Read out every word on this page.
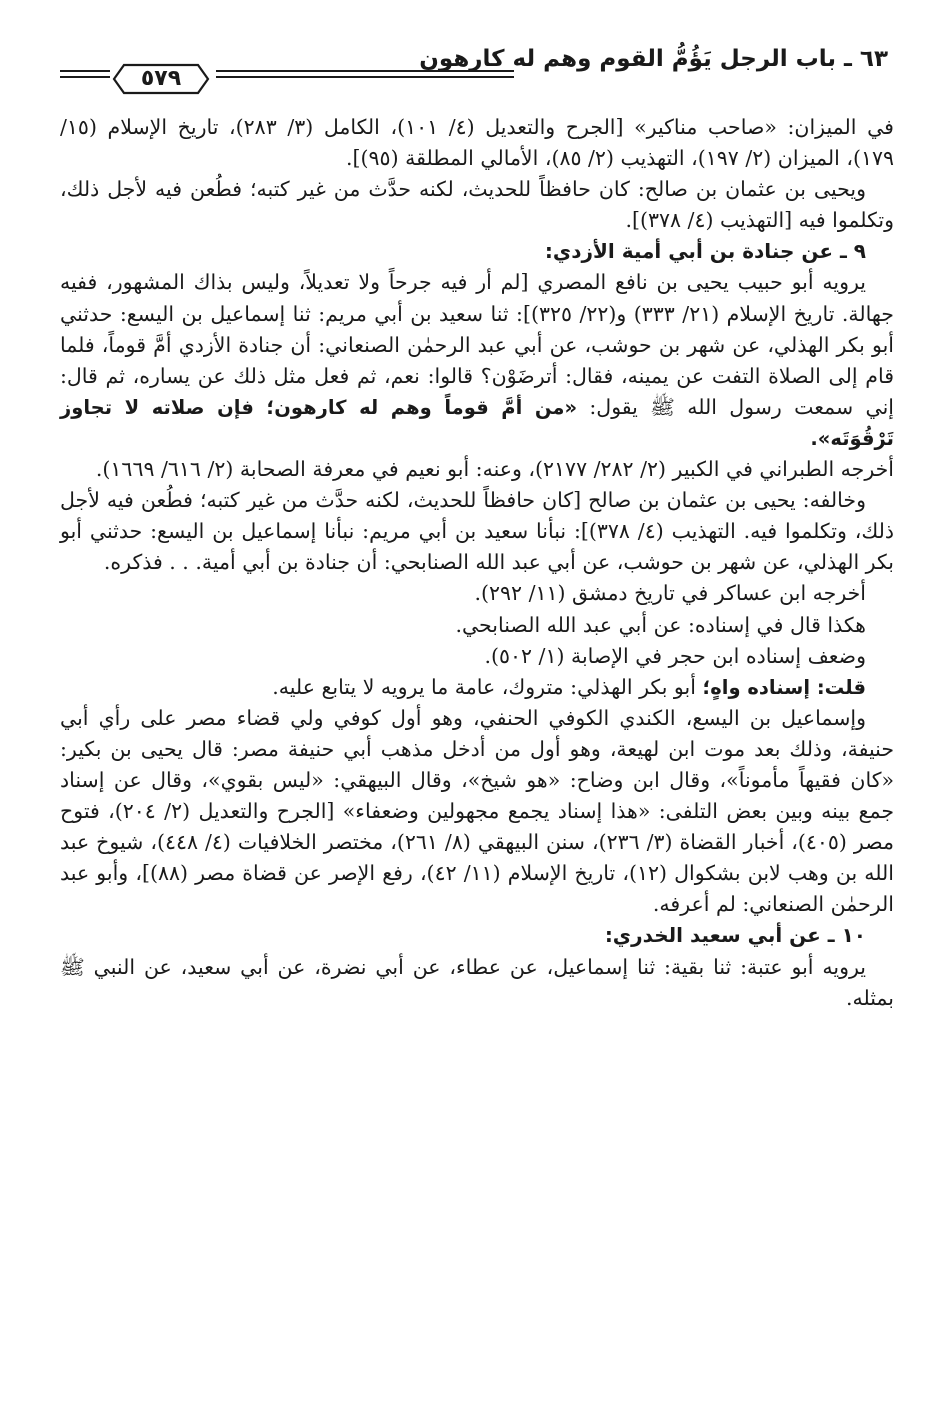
٦٣ ـ باب الرجل يَؤُمُّ القوم وهم له كارهون
٥٧٩

في الميزان: «صاحب مناكير» [الجرح والتعديل (٤/ ١٠١)، الكامل (٣/ ٢٨٣)، تاريخ الإسلام (١٥/ ١٧٩)، الميزان (٢/ ١٩٧)، التهذيب (٢/ ٨٥)، الأمالي المطلقة (٩٥)].

ويحيى بن عثمان بن صالح: كان حافظاً للحديث، لكنه حدَّث من غير كتبه؛ فطُعن فيه لأجل ذلك، وتكلموا فيه [التهذيب (٤/ ٣٧٨)].

٩ ـ عن جنادة بن أبي أمية الأزدي:

يرويه أبو حبيب يحيى بن نافع المصري [لم أر فيه جرحاً ولا تعديلاً، وليس بذاك المشهور، ففيه جهالة. تاريخ الإسلام (٢١/ ٣٣٣) و(٢٢/ ٣٢٥)]: ثنا سعيد بن أبي مريم: ثنا إسماعيل بن اليسع: حدثني أبو بكر الهذلي، عن شهر بن حوشب، عن أبي عبد الرحمٰن الصنعاني: أن جنادة الأزدي أمَّ قوماً، فلما قام إلى الصلاة التفت عن يمينه، فقال: أترضَوْن؟ قالوا: نعم، ثم فعل مثل ذلك عن يساره، ثم قال: إني سمعت رسول الله ﷺ يقول: «من أمَّ قوماً وهم له كارهون؛ فإن صلاته لا تجاوز تَرْقُوَتَه».

أخرجه الطبراني في الكبير (٢/ ٢٨٢/ ٢١٧٧)، وعنه: أبو نعيم في معرفة الصحابة (٢/ ٦١٦/ ١٦٦٩).

وخالفه: يحيى بن عثمان بن صالح [كان حافظاً للحديث، لكنه حدَّث من غير كتبه؛ فطُعن فيه لأجل ذلك، وتكلموا فيه. التهذيب (٤/ ٣٧٨)]: نبأنا سعيد بن أبي مريم: نبأنا إسماعيل بن اليسع: حدثني أبو بكر الهذلي، عن شهر بن حوشب، عن أبي عبد الله الصنابحي: أن جنادة بن أبي أمية. . . فذكره.

أخرجه ابن عساكر في تاريخ دمشق (١١/ ٢٩٢).

هكذا قال في إسناده: عن أبي عبد الله الصنابحي.

وضعف إسناده ابن حجر في الإصابة (١/ ٥٠٢).

قلت: إسناده واهٍ؛ أبو بكر الهذلي: متروك، عامة ما يرويه لا يتابع عليه.

وإسماعيل بن اليسع، الكندي الكوفي الحنفي، وهو أول كوفي ولي قضاء مصر على رأي أبي حنيفة، وذلك بعد موت ابن لهيعة، وهو أول من أدخل مذهب أبي حنيفة مصر: قال يحيى بن بكير: «كان فقيهاً مأموناً»، وقال ابن وضاح: «هو شيخ»، وقال البيهقي: «ليس بقوي»، وقال عن إسناد جمع بينه وبين بعض التلفى: «هذا إسناد يجمع مجهولين وضعفاء» [الجرح والتعديل (٢/ ٢٠٤)، فتوح مصر (٤٠٥)، أخبار القضاة (٣/ ٢٣٦)، سنن البيهقي (٨/ ٢٦١)، مختصر الخلافيات (٤/ ٤٤٨)، شيوخ عبد الله بن وهب لابن بشكوال (١٢)، تاريخ الإسلام (١١/ ٤٢)، رفع الإصر عن قضاة مصر (٨٨)]، وأبو عبد الرحمٰن الصنعاني: لم أعرفه.

١٠ ـ عن أبي سعيد الخدري:

يرويه أبو عتبة: ثنا بقية: ثنا إسماعيل، عن عطاء، عن أبي نضرة، عن أبي سعيد، عن النبي ﷺ بمثله.
